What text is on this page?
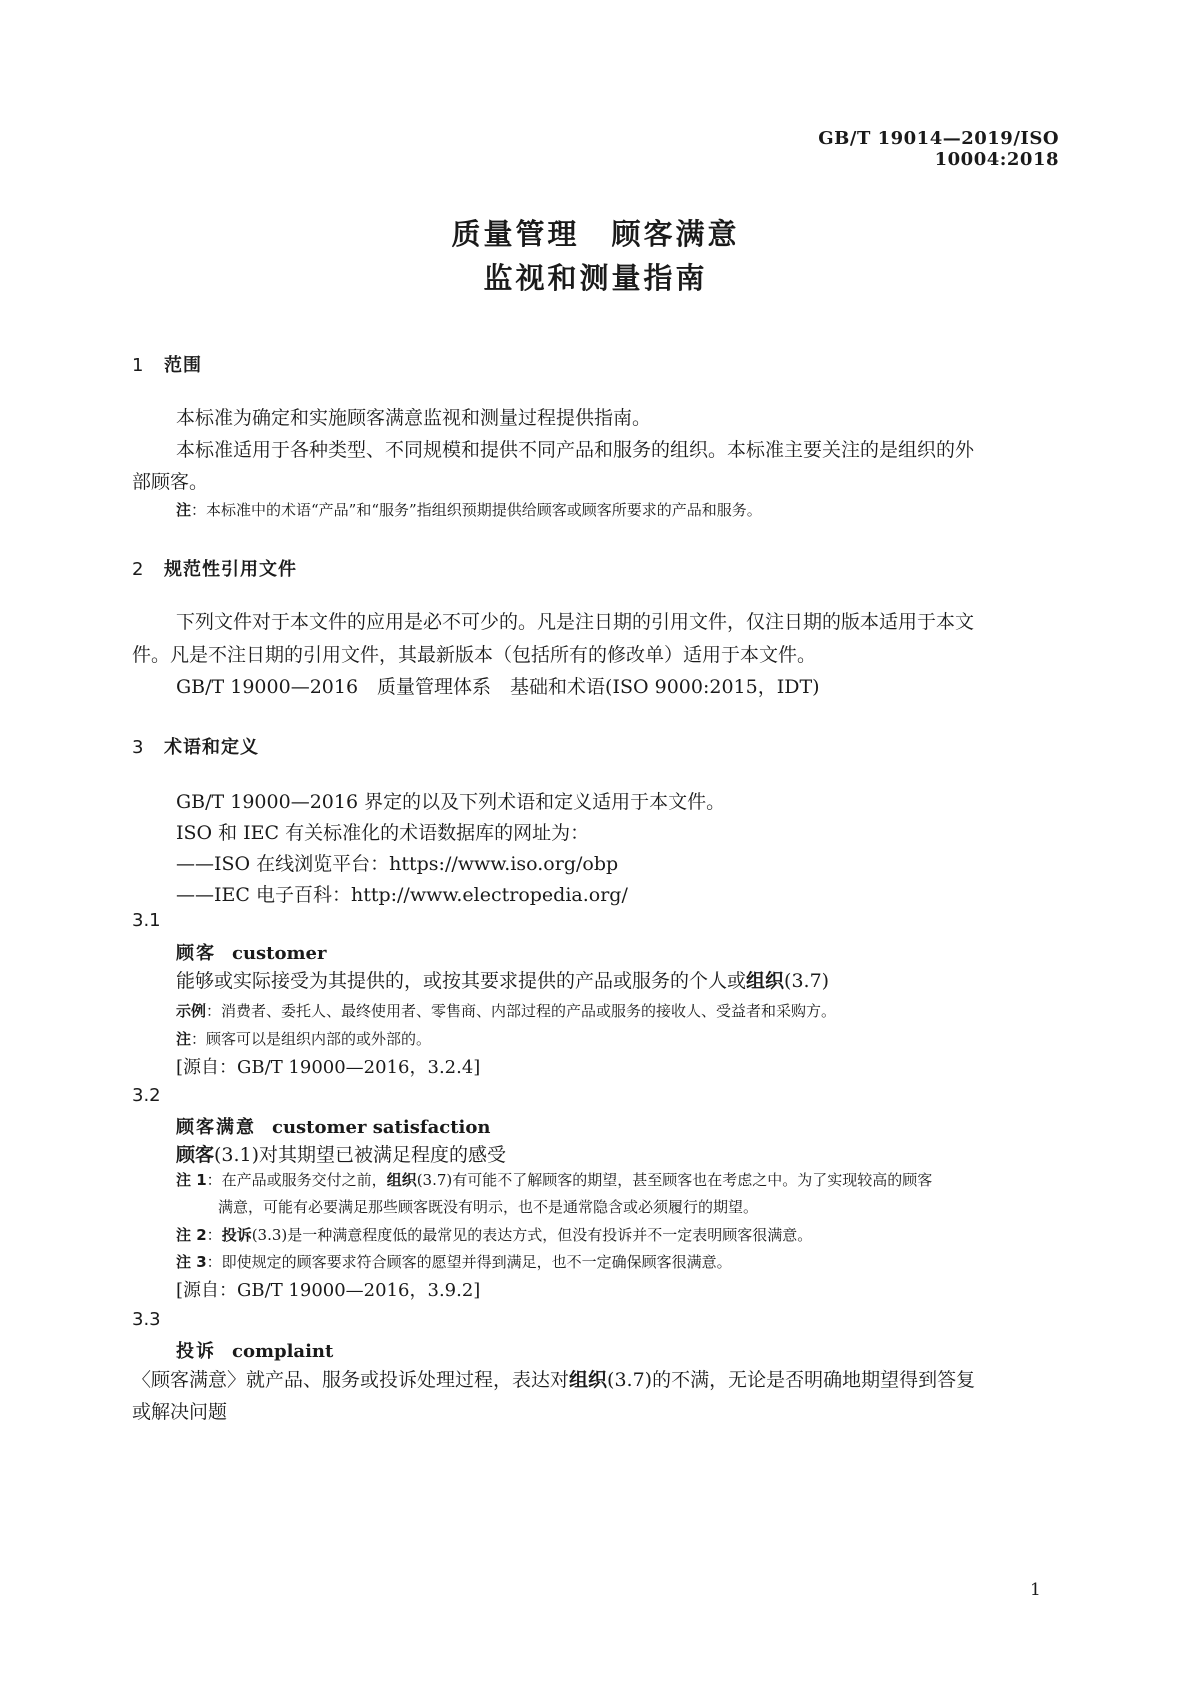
GB/T 19014—2019/ISO 10004:2018
质量管理　顾客满意
监视和测量指南
1 范围
本标准为确定和实施顾客满意监视和测量过程提供指南。
本标准适用于各种类型、不同规模和提供不同产品和服务的组织。本标准主要关注的是组织的外
部顾客。
注：本标准中的术语“产品”和“服务”指组织预期提供给顾客或顾客所要求的产品和服务。
2 规范性引用文件
下列文件对于本文件的应用是必不可少的。凡是注日期的引用文件，仅注日期的版本适用于本文
件。凡是不注日期的引用文件，其最新版本（包括所有的修改单）适用于本文件。
GB/T 19000—2016　质量管理体系　基础和术语(ISO 9000:2015，IDT)
3 术语和定义
GB/T 19000—2016 界定的以及下列术语和定义适用于本文件。
ISO 和 IEC 有关标准化的术语数据库的网址为：
——ISO 在线浏览平台：https://www.iso.org/obp
——IEC 电子百科：http://www.electropedia.org/
3.1
顾客 customer
能够或实际接受为其提供的，或按其要求提供的产品或服务的个人或组织(3.7)
示例：消费者、委托人、最终使用者、零售商、内部过程的产品或服务的接收人、受益者和采购方。
注：顾客可以是组织内部的或外部的。
[源自：GB/T 19000—2016，3.2.4]
3.2
顾客满意 customer satisfaction
顾客(3.1)对其期望已被满足程度的感受
注 1：在产品或服务交付之前，组织(3.7)有可能不了解顾客的期望，甚至顾客也在考虑之中。为了实现较高的顾客
满意，可能有必要满足那些顾客既没有明示，也不是通常隐含或必须履行的期望。
注 2：投诉(3.3)是一种满意程度低的最常见的表达方式，但没有投诉并不一定表明顾客很满意。
注 3：即使规定的顾客要求符合顾客的愿望并得到满足，也不一定确保顾客很满意。
[源自：GB/T 19000—2016，3.9.2]
3.3
投诉 complaint
〈顾客满意〉就产品、服务或投诉处理过程，表达对组织(3.7)的不满，无论是否明确地期望得到答复
或解决问题
1
